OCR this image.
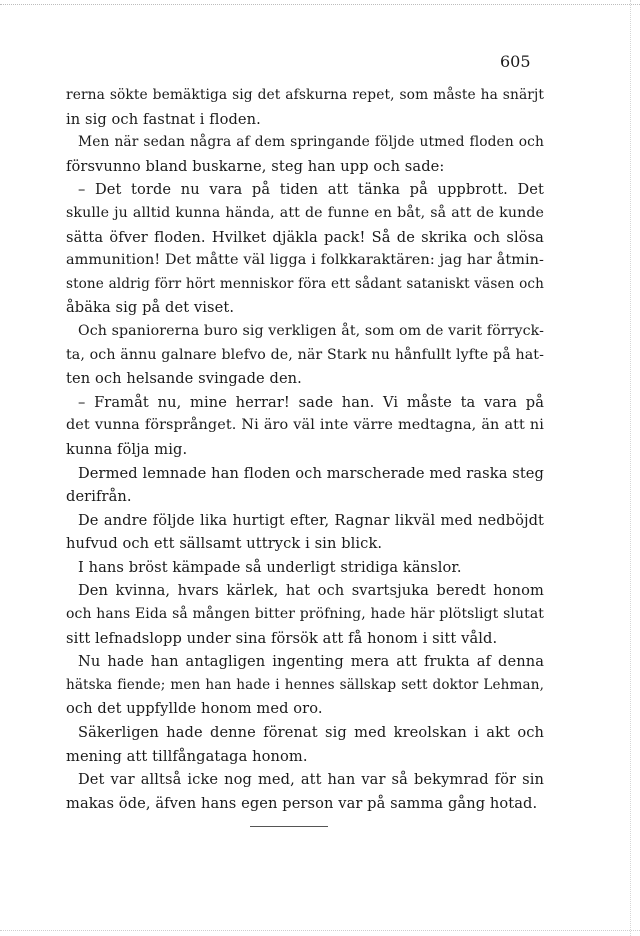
605
rerna sökte bemäktiga sig det afskurna repet, som måste ha snärjt
in sig och fastnat i floden.
Men när sedan några af dem springande följde utmed floden och
försvunno bland buskarne, steg han upp och sade:
– Det torde nu vara på tiden att tänka på uppbrott. Det
skulle ju alltid kunna hända, att de funne en båt, så att de kunde
sätta öfver floden. Hvilket djäkla pack! Så de skrika och slösa
ammunition! Det måtte väl ligga i folkkaraktären: jag har åtmin-
stone aldrig förr hört menniskor föra ett sådant sataniskt väsen och
åbäka sig på det viset.
Och spaniorerna buro sig verkligen åt, som om de varit förryck-
ta, och ännu galnare blefvo de, när Stark nu hånfullt lyfte på hat-
ten och helsande svingade den.
– Framåt nu, mine herrar! sade han. Vi måste ta vara på
det vunna försprånget. Ni äro väl inte värre medtagna, än att ni
kunna följa mig.
Dermed lemnade han floden och marscherade med raska steg
derifrån.
De andre följde lika hurtigt efter, Ragnar likväl med nedböjdt
hufvud och ett sällsamt uttryck i sin blick.
I hans bröst kämpade så underligt stridiga känslor.
Den kvinna, hvars kärlek, hat och svartsjuka beredt honom
och hans Eida så mången bitter pröfning, hade här plötsligt slutat
sitt lefnadslopp under sina försök att få honom i sitt våld.
Nu hade han antagligen ingenting mera att frukta af denna
hätska fiende; men han hade i hennes sällskap sett doktor Lehman,
och det uppfyllde honom med oro.
Säkerligen hade denne förenat sig med kreolskan i akt och
mening att tillfångataga honom.
Det var alltså icke nog med, att han var så bekymrad för sin
makas öde, äfven hans egen person var på samma gång hotad.
